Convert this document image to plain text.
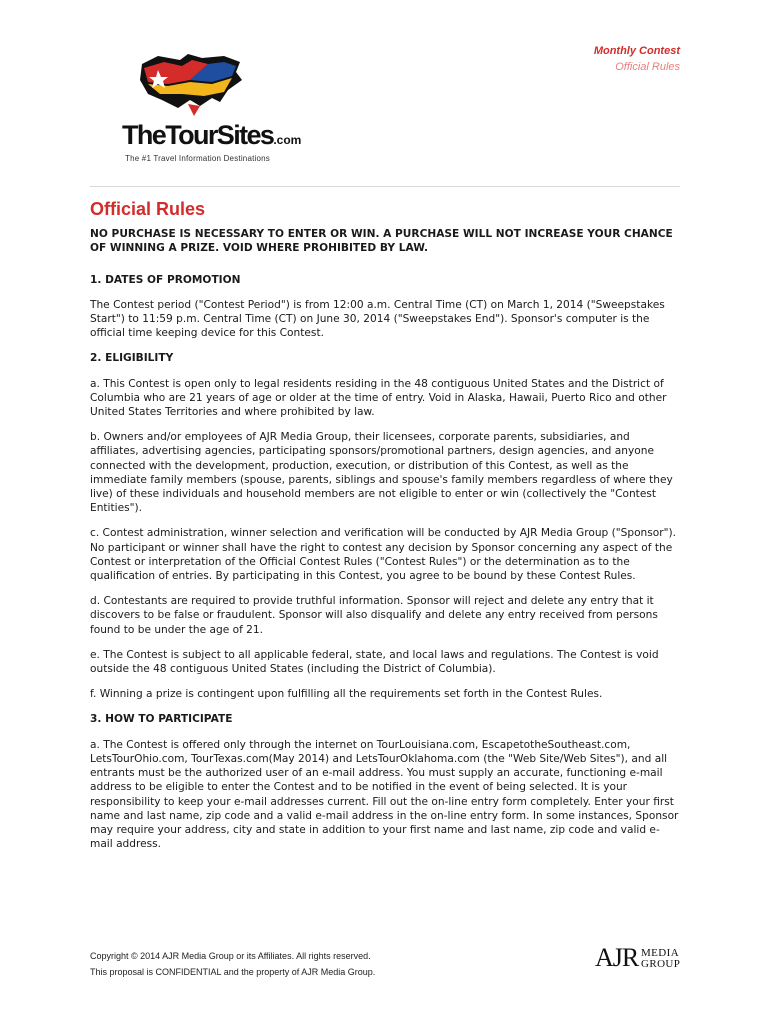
TheTourSites.com
The #1 Travel Information Destinations
Monthly Contest
Official Rules
Official Rules

NO PURCHASE IS NECESSARY TO ENTER OR WIN. A PURCHASE WILL NOT INCREASE YOUR CHANCE OF WINNING A PRIZE. VOID WHERE PROHIBITED BY LAW.

1. DATES OF PROMOTION

The Contest period ("Contest Period") is from 12:00 a.m. Central Time (CT) on March 1, 2014 ("Sweepstakes Start") to 11:59 p.m. Central Time (CT) on June 30, 2014 ("Sweepstakes End"). Sponsor's computer is the official time keeping device for this Contest.

2. ELIGIBILITY

a. This Contest is open only to legal residents residing in the 48 contiguous United States and the District of Columbia who are 21 years of age or older at the time of entry. Void in Alaska, Hawaii, Puerto Rico and other United States Territories and where prohibited by law.

b. Owners and/or employees of AJR Media Group, their licensees, corporate parents, subsidiaries, and affiliates, advertising agencies, participating sponsors/promotional partners, design agencies, and anyone connected with the development, production, execution, or distribution of this Contest, as well as the immediate family members (spouse, parents, siblings and spouse's family members regardless of where they live) of these individuals and household members are not eligible to enter or win (collectively the "Contest Entities").

c. Contest administration, winner selection and verification will be conducted by AJR Media Group ("Sponsor"). No participant or winner shall have the right to contest any decision by Sponsor concerning any aspect of the Contest or interpretation of the Official Contest Rules ("Contest Rules") or the determination as to the qualification of entries. By participating in this Contest, you agree to be bound by these Contest Rules.

d. Contestants are required to provide truthful information. Sponsor will reject and delete any entry that it discovers to be false or fraudulent. Sponsor will also disqualify and delete any entry received from persons found to be under the age of 21.

e. The Contest is subject to all applicable federal, state, and local laws and regulations. The Contest is void outside the 48 contiguous United States (including the District of Columbia).

f. Winning a prize is contingent upon fulfilling all the requirements set forth in the Contest Rules.

3. HOW TO PARTICIPATE

a. The Contest is offered only through the internet on TourLouisiana.com, EscapetotheSoutheast.com, LetsTourOhio.com, TourTexas.com(May 2014) and LetsTourOklahoma.com (the "Web Site/Web Sites"), and all entrants must be the authorized user of an e-mail address. You must supply an accurate, functioning e-mail address to be eligible to enter the Contest and to be notified in the event of being selected. It is your responsibility to keep your e-mail addresses current. Fill out the on-line entry form completely. Enter your first name and last name, zip code and a valid e-mail address in the on-line entry form. In some instances, Sponsor may require your address, city and state in addition to your first name and last name, zip code and valid e-mail address.

Copyright © 2014 AJR Media Group or its Affiliates. All rights reserved.
This proposal is CONFIDENTIAL and the property of AJR Media Group.	AJR MEDIA
GROUP
